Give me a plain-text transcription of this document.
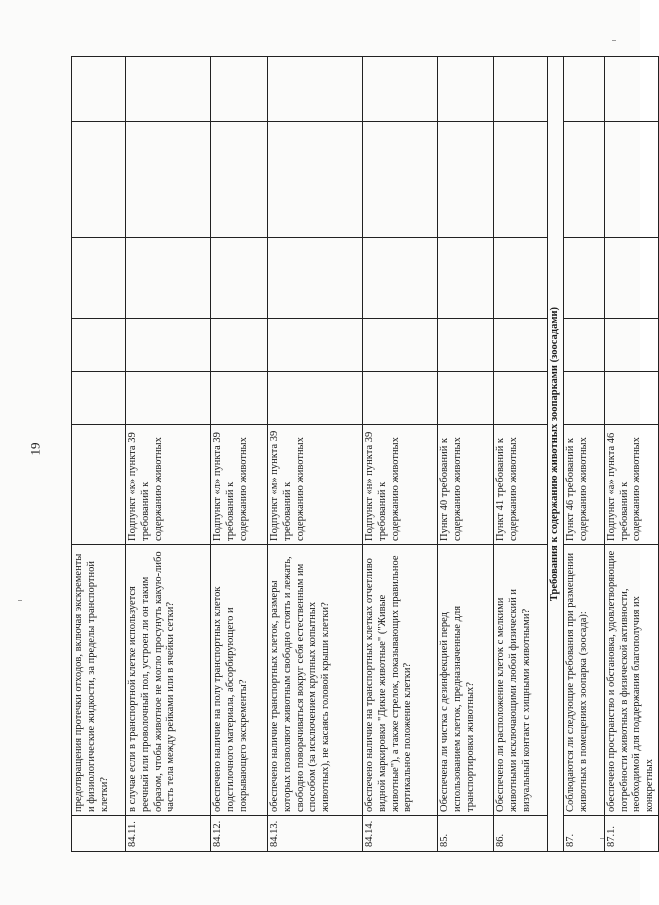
19
	предотвращения протечки отходов, включая экскременты и физиологические жидкости, за пределы транспортной клетки?						
84.11.	в случае если в транспортной клетке используется реечный или проволочный пол, устроен ли он таким образом, чтобы животное не могло просунуть какую-либо часть тела между рейками или в ячейки сетки?	Подпункт «к» пункта 39 требований к содержанию животных					
84.12.	обеспечено наличие на полу транспортных клеток подстилочного материала, абсорбирующего и покрывающего экскременты?	Подпункт «л» пункта 39 требований к содержанию животных					
84.13.	обеспечено наличие транспортных клеток, размеры которых позволяют животным свободно стоять и лежать, свободно поворачиваться вокруг себя естественным им способом (за исключением крупных копытных животных), не касаясь головой крыши клетки?	Подпункт «м» пункта 39 требований к содержанию животных					
84.14.	обеспечено наличие на транспортных клетках отчетливо видной маркировки "Дикие животные" ("Живые животные"), а также стрелок, показывающих правильное вертикальное положение клетки?	Подпункт «н» пункта 39 требований к содержанию животных					
85.	Обеспечена ли чистка с дезинфекцией перед использованием клеток, предназначенные для транспортировки животных?	Пункт 40 требований к содержанию животных					
86.	Обеспечено ли расположение клеток с мелкими животными исключающими любой физический и визуальный контакт с хищными животными?	Пункт 41 требований к содержанию животных					
Требования к содержанию животных зоопарками (зоосадами)							
87.	Соблюдаются ли следующие требования при размещении животных в помещениях зоопарка (зоосада):	Пункт 46 требований к содержанию животных					
87.1.	обеспечено пространство и обстановка, удовлетворяющие потребности животных в физической активности, необходимой для поддержания благополучия их конкретных	Подпункт «а» пункта 46 требований к содержанию животных					
